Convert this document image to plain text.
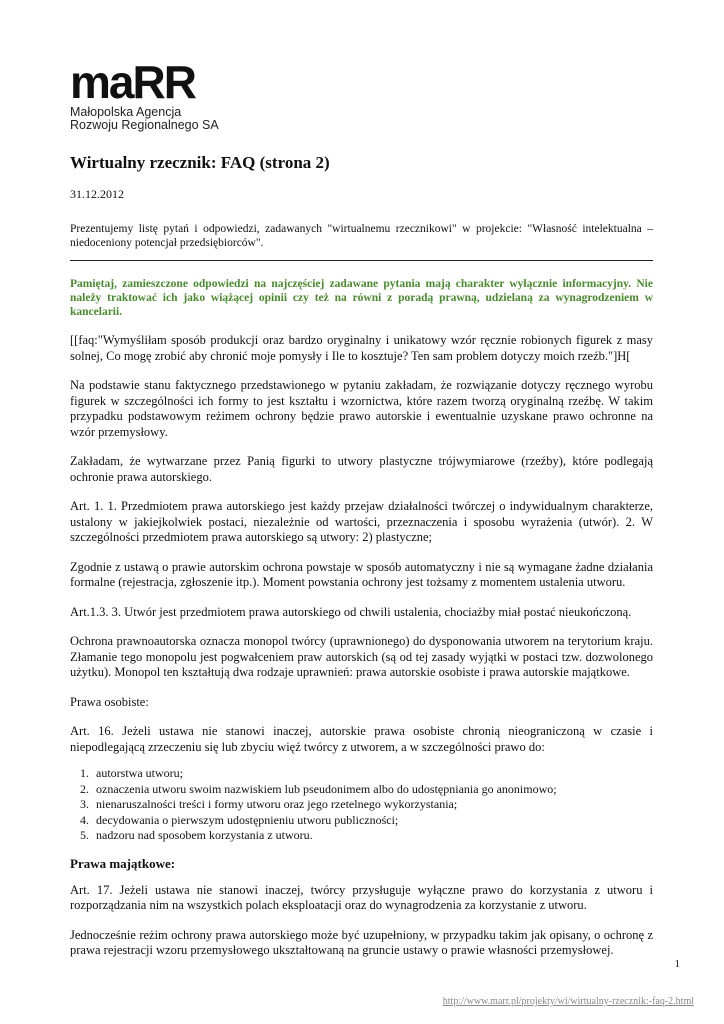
maRR
Małopolska Agencja
Rozwoju Regionalnego SA
Wirtualny rzecznik: FAQ (strona 2)
31.12.2012
Prezentujemy listę pytań i odpowiedzi, zadawanych "wirtualnemu rzecznikowi" w projekcie: "Własność intelektualna – niedoceniony potencjał przedsiębiorców".
Pamiętaj, zamieszczone odpowiedzi na najczęściej zadawane pytania mają charakter wyłącznie informacyjny. Nie należy traktować ich jako wiążącej opinii czy też na równi z poradą prawną, udzielaną za wynagrodzeniem w kancelarii.

[[faq:"Wymyśliłam sposób produkcji oraz bardzo oryginalny i unikatowy wzór ręcznie robionych figurek z masy solnej, Co mogę zrobić aby chronić moje pomysły i Ile to kosztuje? Ten sam problem dotyczy moich rzeźb."]H[

Na podstawie stanu faktycznego przedstawionego w pytaniu zakładam, że rozwiązanie dotyczy ręcznego wyrobu figurek w szczególności ich formy to jest kształtu i wzornictwa, które razem tworzą oryginalną rzeźbę. W takim przypadku podstawowym reżimem ochrony będzie prawo autorskie i ewentualnie uzyskane prawo ochronne na wzór przemysłowy.

Zakładam, że wytwarzane przez Panią figurki to utwory plastyczne trójwymiarowe (rzeźby), które podlegają ochronie prawa autorskiego.

Art. 1. 1. Przedmiotem prawa autorskiego jest każdy przejaw działalności twórczej o indywidualnym charakterze, ustalony w jakiejkolwiek postaci, niezależnie od wartości, przeznaczenia i sposobu wyrażenia (utwór). 2. W szczególności przedmiotem prawa autorskiego są utwory: 2) plastyczne;

Zgodnie z ustawą o prawie autorskim ochrona powstaje w sposób automatyczny i nie są wymagane żadne działania formalne (rejestracja, zgłoszenie itp.). Moment powstania ochrony jest tożsamy z momentem ustalenia utworu.

Art.1.3. 3. Utwór jest przedmiotem prawa autorskiego od chwili ustalenia, chociażby miał postać nieukończoną.

Ochrona prawnoautorska oznacza monopol twórcy (uprawnionego) do dysponowania utworem na terytorium kraju. Złamanie tego monopolu jest pogwałceniem praw autorskich (są od tej zasady wyjątki w postaci tzw. dozwolonego użytku). Monopol ten kształtują dwa rodzaje uprawnień: prawa autorskie osobiste i prawa autorskie majątkowe.

Prawa osobiste:

Art. 16. Jeżeli ustawa nie stanowi inaczej, autorskie prawa osobiste chronią nieograniczoną w czasie i niepodlegającą zrzeczeniu się lub zbyciu więź twórcy z utworem, a w szczególności prawo do:

1. autorstwa utworu;
2. oznaczenia utworu swoim nazwiskiem lub pseudonimem albo do udostępniania go anonimowo;
3. nienaruszalności treści i formy utworu oraz jego rzetelnego wykorzystania;
4. decydowania o pierwszym udostępnieniu utworu publiczności;
5. nadzoru nad sposobem korzystania z utworu.
Prawa majątkowe:

Art. 17. Jeżeli ustawa nie stanowi inaczej, twórcy przysługuje wyłączne prawo do korzystania z utworu i rozporządzania nim na wszystkich polach eksploatacji oraz do wynagrodzenia za korzystanie z utworu.

Jednocześnie reżim ochrony prawa autorskiego może być uzupełniony, w przypadku takim jak opisany, o ochronę z prawa rejestracji wzoru przemysłowego ukształtowaną na gruncie ustawy o prawie własności przemysłowej.

1
http://www.marr.pl/projekty/wi/wirtualny-rzecznik:-faq-2.html
